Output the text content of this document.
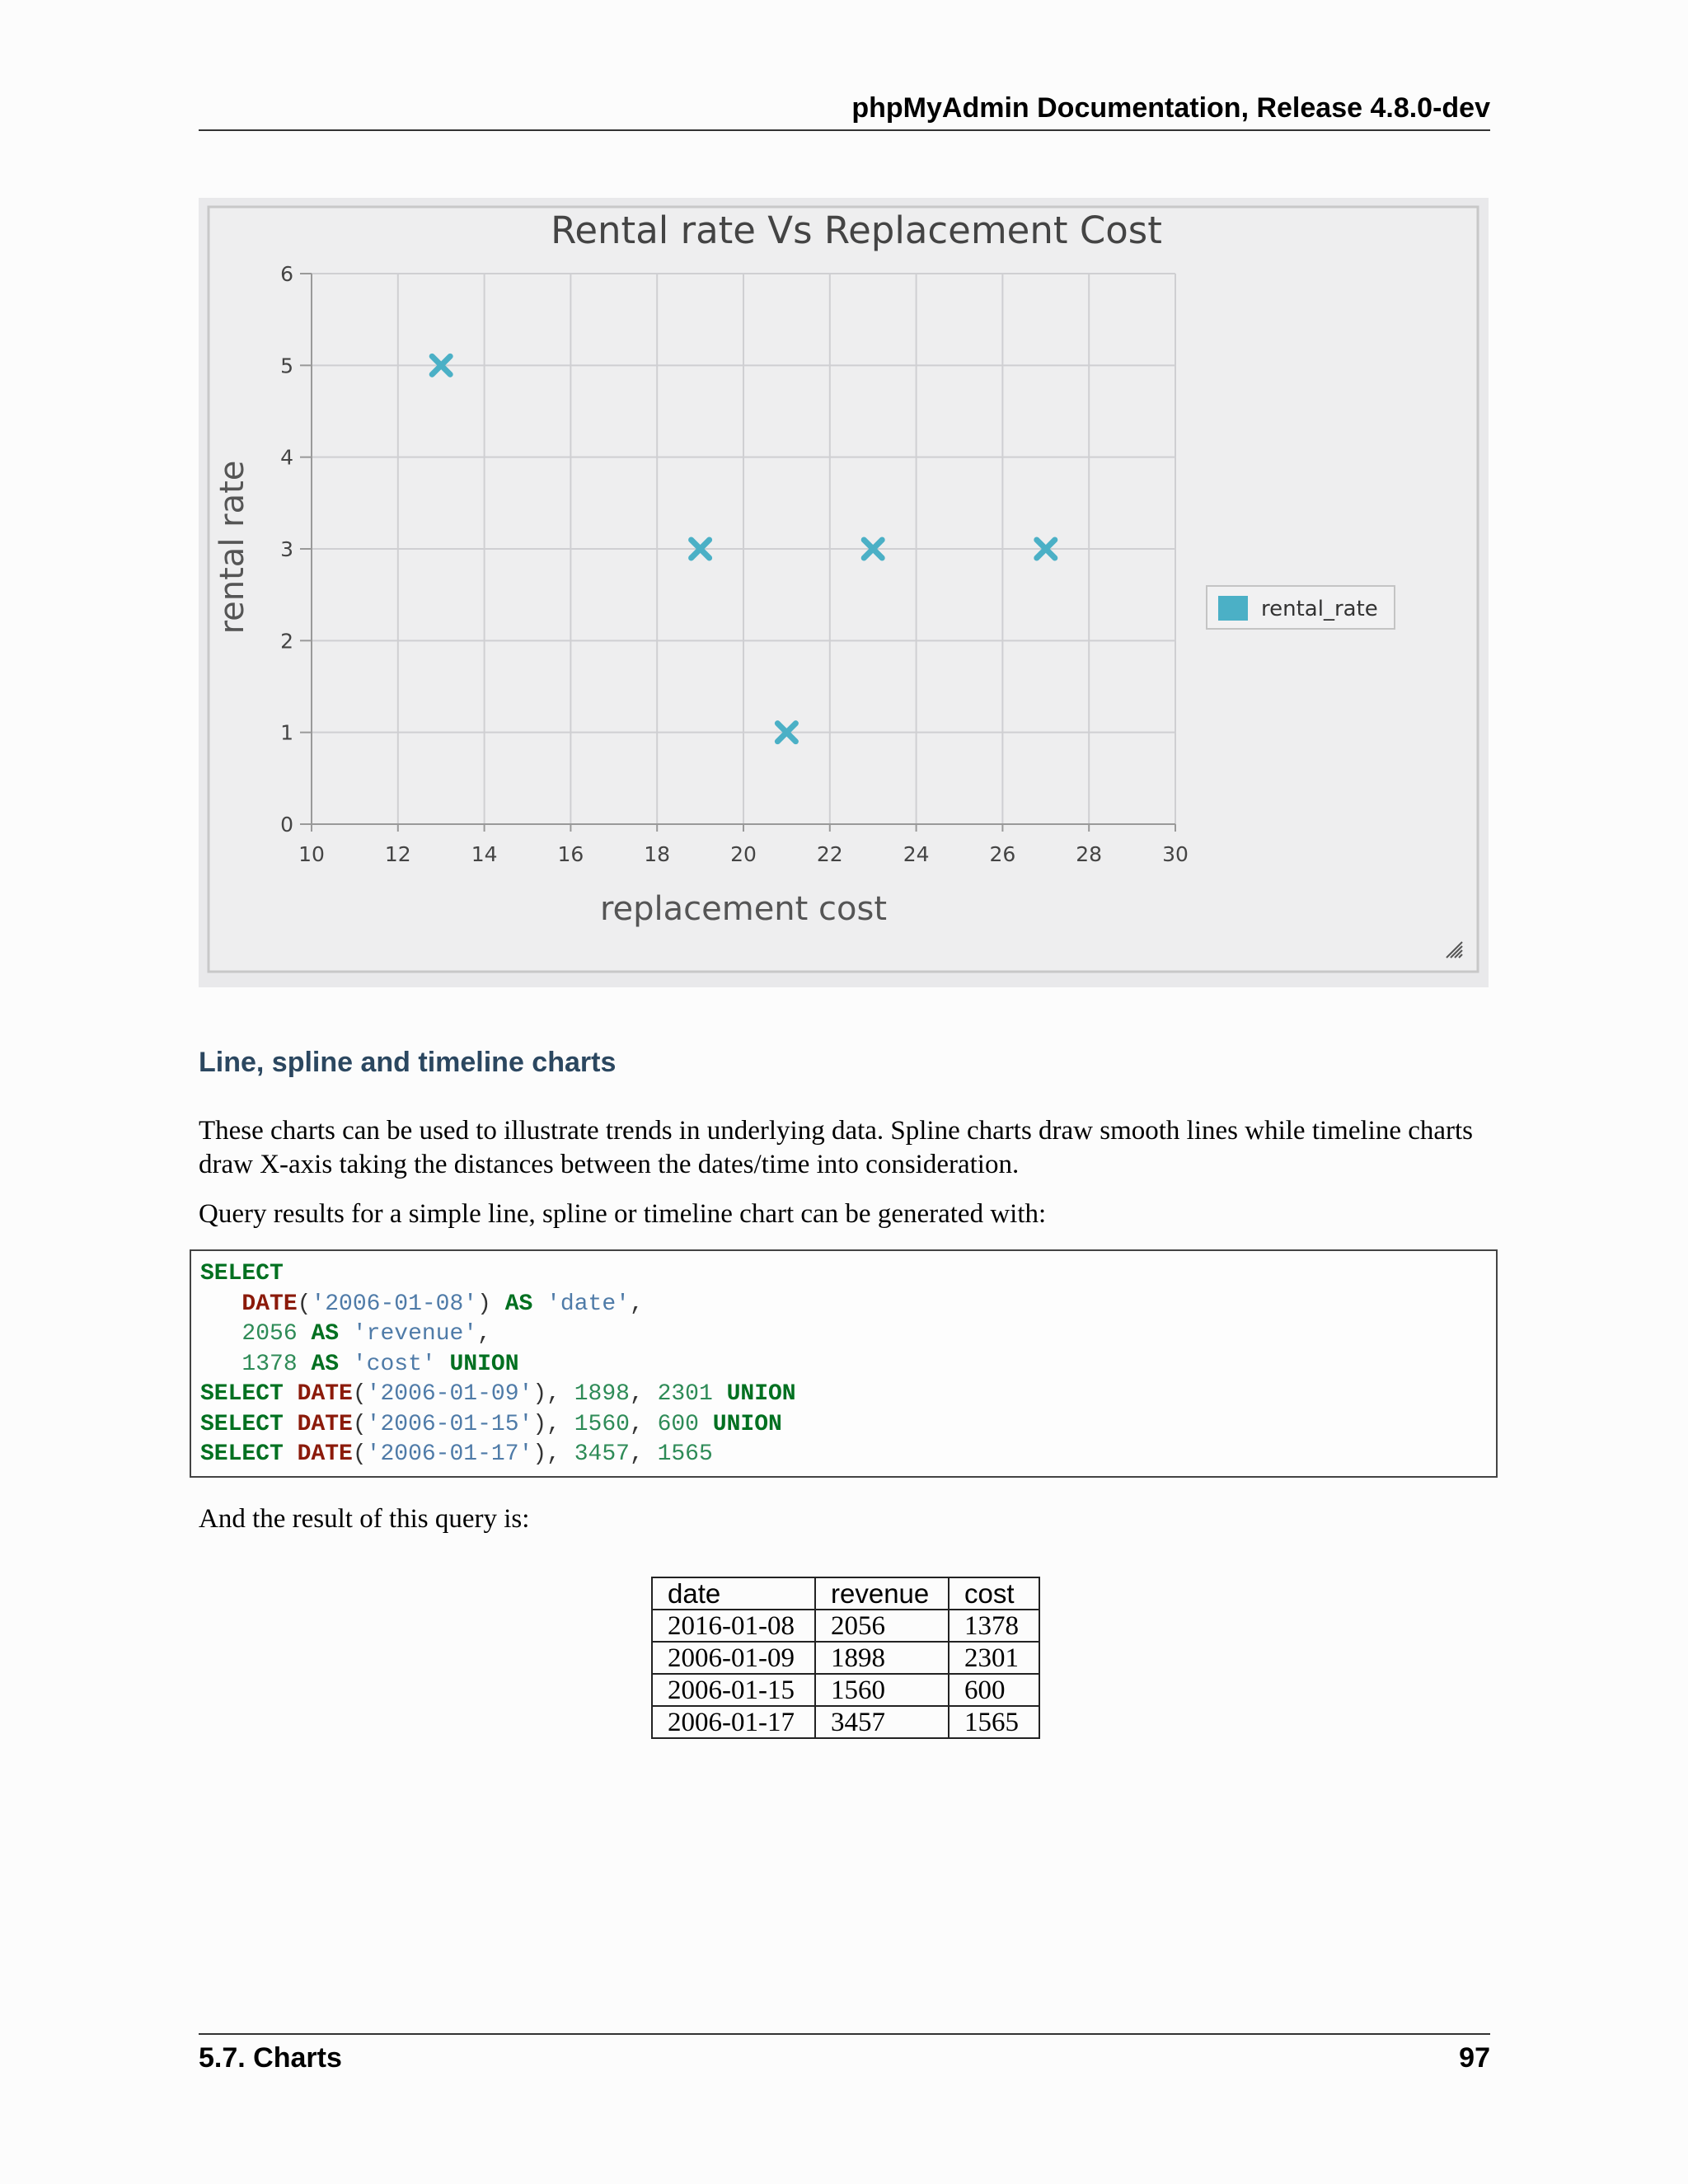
phpMyAdmin Documentation, Release 4.8.0-dev
0
1
2
3
4
5
6
10	12	14	16	18	20	22	24	26	28	30
Rental rate Vs Replacement Cost
replacement cost
rental rate	rental_rate
Line, spline and timeline charts
These charts can be used to illustrate trends in underlying data. Spline charts draw smooth lines while timeline charts
draw X-axis taking the distances between the dates/time into consideration.
Query results for a simple line, spline or timeline chart can be generated with:
SELECT
DATE('2006-01-08') AS 'date',
2056 AS 'revenue',
1378 AS 'cost' UNION
SELECT DATE('2006-01-09'), 1898, 2301 UNION
SELECT DATE('2006-01-15'), 1560, 600 UNION
SELECT DATE('2006-01-17'), 3457, 1565
And the result of this query is:
date	revenue	cost
2016-01-08	2056	1378
2006-01-09	1898	2301
2006-01-15	1560	600
2006-01-17	3457	1565
5.7. Charts	97
